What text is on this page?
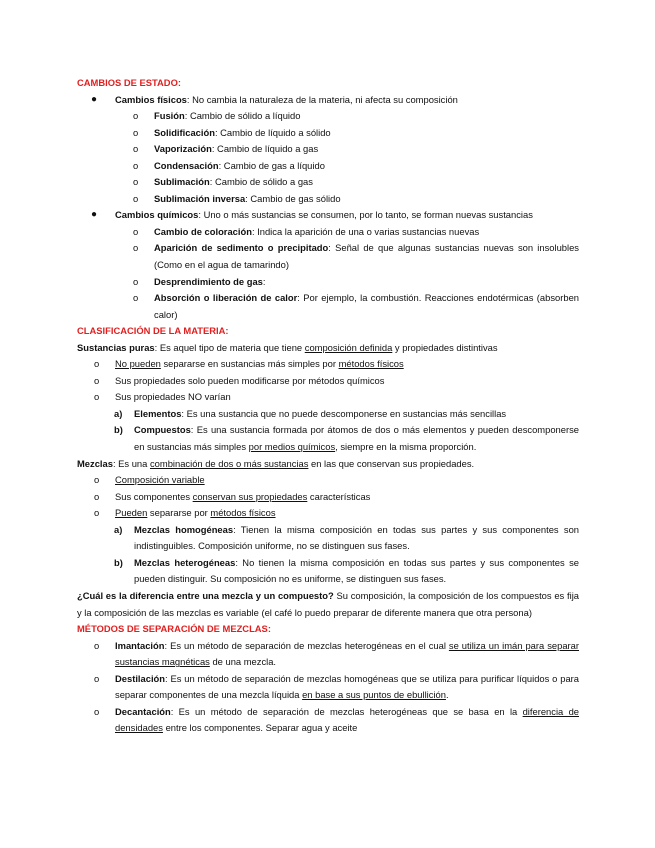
CAMBIOS DE ESTADO:
● Cambios físicos: No cambia la naturaleza de la materia, ni afecta su composición
o Fusión: Cambio de sólido a líquido
o Solidificación: Cambio de líquido a sólido
o Vaporización: Cambio de líquido a gas
o Condensación: Cambio de gas a líquido
o Sublimación: Cambio de sólido a gas
o Sublimación inversa: Cambio de gas sólido
● Cambios químicos: Uno o más sustancias se consumen, por lo tanto, se forman nuevas sustancias
o Cambio de coloración: Indica la aparición de una o varias sustancias nuevas
o Aparición de sedimento o precipitado: Señal de que algunas sustancias nuevas son insolubles (Como en el agua de tamarindo)
o Desprendimiento de gas:
o Absorción o liberación de calor: Por ejemplo, la combustión. Reacciones endotérmicas (absorben calor)
CLASIFICACIÓN DE LA MATERIA:
Sustancias puras: Es aquel tipo de materia que tiene composición definida y propiedades distintivas
o No pueden separarse en sustancias más simples por métodos físicos
o Sus propiedades solo pueden modificarse por métodos químicos
o Sus propiedades NO varían
a) Elementos: Es una sustancia que no puede descomponerse en sustancias más sencillas
b) Compuestos: Es una sustancia formada por átomos de dos o más elementos y pueden descomponerse en sustancias más simples por medios químicos, siempre en la misma proporción.
Mezclas: Es una combinación de dos o más sustancias en las que conservan sus propiedades.
o Composición variable
o Sus componentes conservan sus propiedades características
o Pueden separarse por métodos físicos
a) Mezclas homogéneas: Tienen la misma composición en todas sus partes y sus componentes son indistinguibles. Composición uniforme, no se distinguen sus fases.
b) Mezclas heterogéneas: No tienen la misma composición en todas sus partes y sus componentes se pueden distinguir. Su composición no es uniforme, se distinguen sus fases.
¿Cuál es la diferencia entre una mezcla y un compuesto? Su composición, la composición de los compuestos es fija y la composición de las mezclas es variable (el café lo puedo preparar de diferente manera que otra persona)
MÉTODOS DE SEPARACIÓN DE MEZCLAS:
o Imantación: Es un método de separación de mezclas heterogéneas en el cual se utiliza un imán para separar sustancias magnéticas de una mezcla.
o Destilación: Es un método de separación de mezclas homogéneas que se utiliza para purificar líquidos o para separar componentes de una mezcla líquida en base a sus puntos de ebullición.
o Decantación: Es un método de separación de mezclas heterogéneas que se basa en la diferencia de densidades entre los componentes. Separar agua y aceite
